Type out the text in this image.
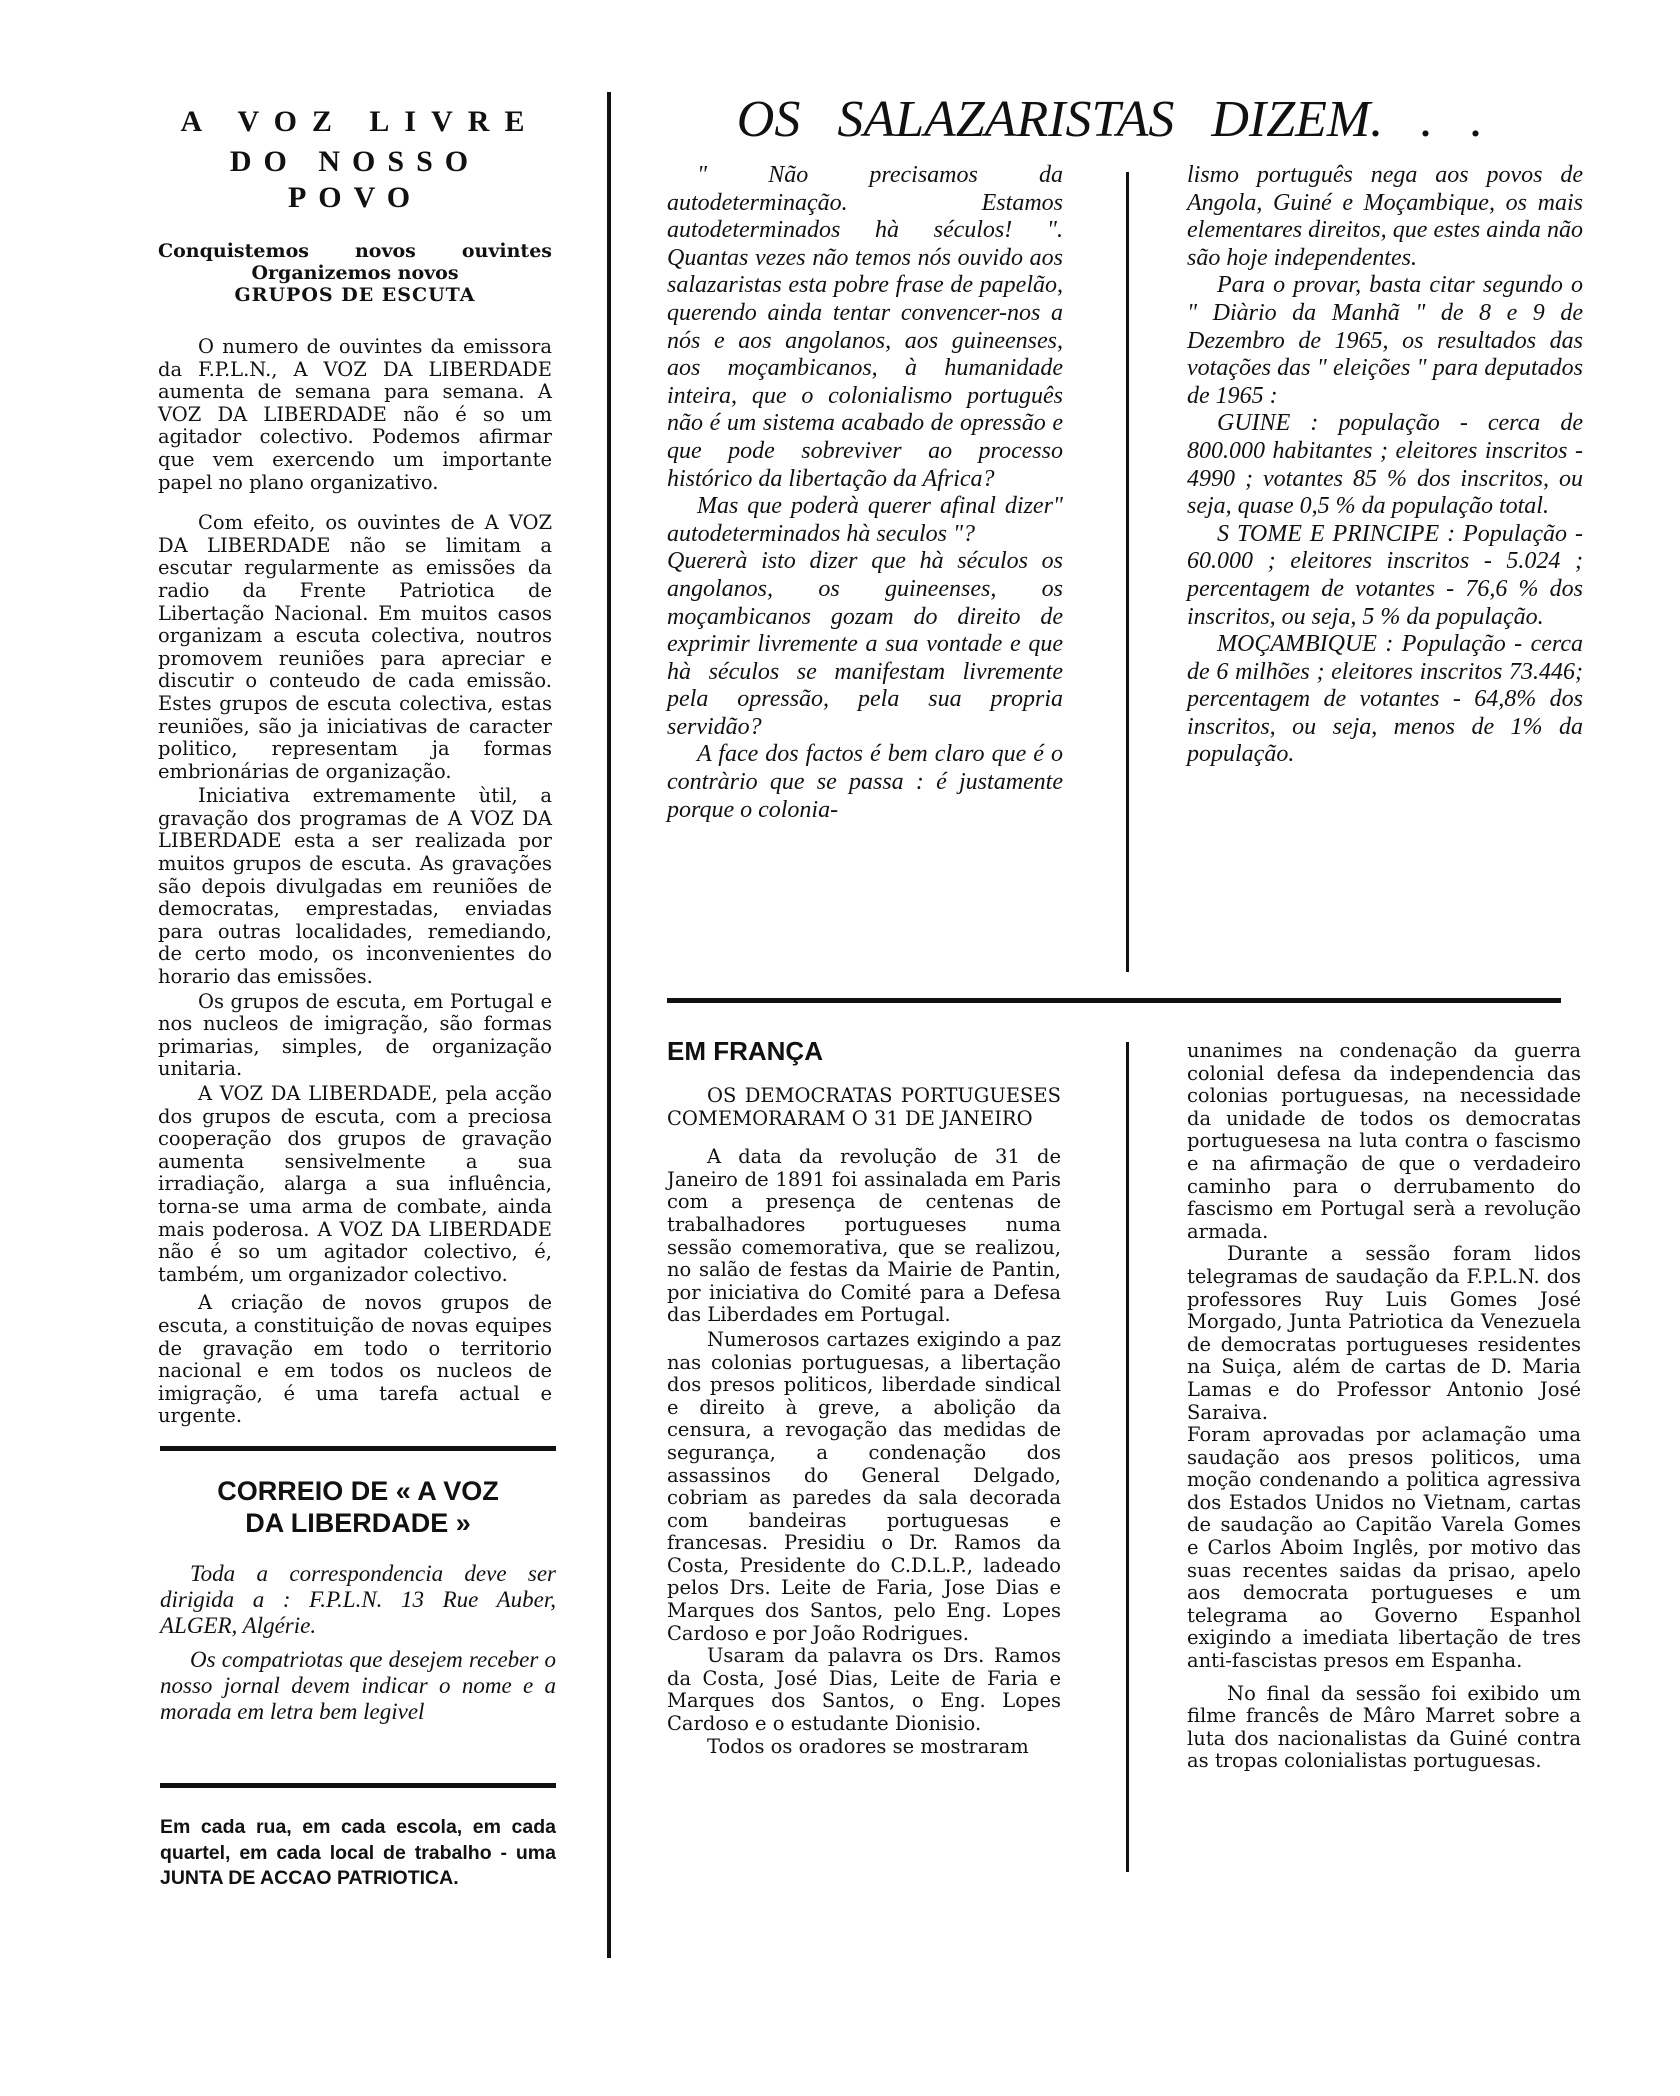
A VOZ LIVRE
DO NOSSO POVO
Conquistemos novos ouvintes
Organizemos novos
GRUPOS DE ESCUTA

O numero de ouvintes da emissora da F.P.L.N., A VOZ DA LIBERDADE aumenta de semana para semana. A VOZ DA LIBERDADE não é so um agitador colectivo. Podemos afirmar que vem exercendo um importante papel no plano organizativo.

Com efeito, os ouvintes de A VOZ DA LIBERDADE não se limitam a escutar regularmente as emissões da radio da Frente Patriotica de Libertação Nacional. Em muitos casos organizam a escuta colectiva, noutros promovem reuniões para apreciar e discutir o conteudo de cada emissão. Estes grupos de escuta colectiva, estas reuniões, são ja iniciativas de caracter politico, representam ja formas embrionárias de organização.

Iniciativa extremamente ùtil, a gravação dos programas de A VOZ DA LIBERDADE esta a ser realizada por muitos grupos de escuta. As gravações são depois divulgadas em reuniões de democratas, emprestadas, enviadas para outras localidades, remediando, de certo modo, os inconvenientes do horario das emissões.

Os grupos de escuta, em Portugal e nos nucleos de imigração, são formas primarias, simples, de organização unitaria.

A VOZ DA LIBERDADE, pela acção dos grupos de escuta, com a preciosa cooperação dos grupos de gravação aumenta sensivelmente a sua irradiação, alarga a sua influência, torna-se uma arma de combate, ainda mais poderosa. A VOZ DA LIBERDADE não é so um agitador colectivo, é, também, um organizador colectivo.

A criação de novos grupos de escuta, a constituição de novas equipes de gravação em todo o territorio nacional e em todos os nucleos de imigração, é uma tarefa actual e urgente.

CORREIO DE « A VOZ
DA LIBERDADE »

Toda a correspondencia deve ser dirigida a : F.P.L.N. 13 Rue Auber, ALGER, Algérie.

Os compatriotas que desejem receber o nosso jornal devem indicar o nome e a morada em letra bem legivel

Em cada rua, em cada escola, em cada quartel, em cada local de trabalho - uma JUNTA DE ACCAO PATRIOTICA.
OS SALAZARISTAS DIZEM. . .

" Não precisamos da autodeterminação. Estamos autodeterminados hà séculos! ". Quantas vezes não temos nós ouvido aos salazaristas esta pobre frase de papelão, querendo ainda tentar convencer-nos a nós e aos angolanos, aos guineenses, aos moçambicanos, à humanidade inteira, que o colonialismo português não é um sistema acabado de opressão e que pode sobreviver ao processo histórico da libertação da Africa?

Mas que poderà querer afinal dizer" autodeterminados hà seculos "?

Quererà isto dizer que hà séculos os angolanos, os guineenses, os moçambicanos gozam do direito de exprimir livremente a sua vontade e que hà séculos se manifestam livremente pela opressão, pela sua propria servidão?

A face dos factos é bem claro que é o contràrio que se passa : é justamente porque o colonia-

lismo português nega aos povos de Angola, Guiné e Moçambique, os mais elementares direitos, que estes ainda não são hoje independentes.

Para o provar, basta citar segundo o " Diàrio da Manhã " de 8 e 9 de Dezembro de 1965, os resultados das votações das " eleições " para deputados de 1965 :

GUINE : população - cerca de 800.000 habitantes ; eleitores inscritos - 4990 ; votantes 85 % dos inscritos, ou seja, quase 0,5 % da população total.

S TOME E PRINCIPE : População - 60.000 ; eleitores inscritos - 5.024 ; percentagem de votantes - 76,6 % dos inscritos, ou seja, 5 % da população.

MOÇAMBIQUE : População - cerca de 6 milhões ; eleitores inscritos 73.446; percentagem de votantes - 64,8% dos inscritos, ou seja, menos de 1% da população.

EM FRANÇA
OS DEMOCRATAS PORTUGUESES COMEMORARAM O 31 DE JANEIRO

A data da revolução de 31 de Janeiro de 1891 foi assinalada em Paris com a presença de centenas de trabalhadores portugueses numa sessão comemorativa, que se realizou, no salão de festas da Mairie de Pantin, por iniciativa do Comité para a Defesa das Liberdades em Portugal.

Numerosos cartazes exigindo a paz nas colonias portuguesas, a libertação dos presos politicos, liberdade sindical e direito à greve, a abolição da censura, a revogação das medidas de segurança, a condenação dos assassinos do General Delgado, cobriam as paredes da sala decorada com bandeiras portuguesas e francesas. Presidiu o Dr. Ramos da Costa, Presidente do C.D.L.P., ladeado pelos Drs. Leite de Faria, Jose Dias e Marques dos Santos, pelo Eng. Lopes Cardoso e por João Rodrigues.

Usaram da palavra os Drs. Ramos da Costa, José Dias, Leite de Faria e Marques dos Santos, o Eng. Lopes Cardoso e o estudante Dionisio.

Todos os oradores se mostraram

unanimes na condenação da guerra colonial defesa da independencia das colonias portuguesas, na necessidade da unidade de todos os democratas portuguesesa na luta contra o fascismo e na afirmação de que o verdadeiro caminho para o derrubamento do fascismo em Portugal serà a revolução armada.

Durante a sessão foram lidos telegramas de saudação da F.P.L.N. dos professores Ruy Luis Gomes José Morgado, Junta Patriotica da Venezuela de democratas portugueses residentes na Suiça, além de cartas de D. Maria Lamas e do Professor Antonio José Saraiva.

Foram aprovadas por aclamação uma saudação aos presos politicos, uma moção condenando a politica agressiva dos Estados Unidos no Vietnam, cartas de saudação ao Capitão Varela Gomes e Carlos Aboim Inglês, por motivo das suas recentes saidas da prisao, apelo aos democrata portugueses e um telegrama ao Governo Espanhol exigindo a imediata libertação de tres anti-fascistas presos em Espanha.

No final da sessão foi exibido um filme francês de Mâro Marret sobre a luta dos nacionalistas da Guiné contra as tropas colonialistas portuguesas.
